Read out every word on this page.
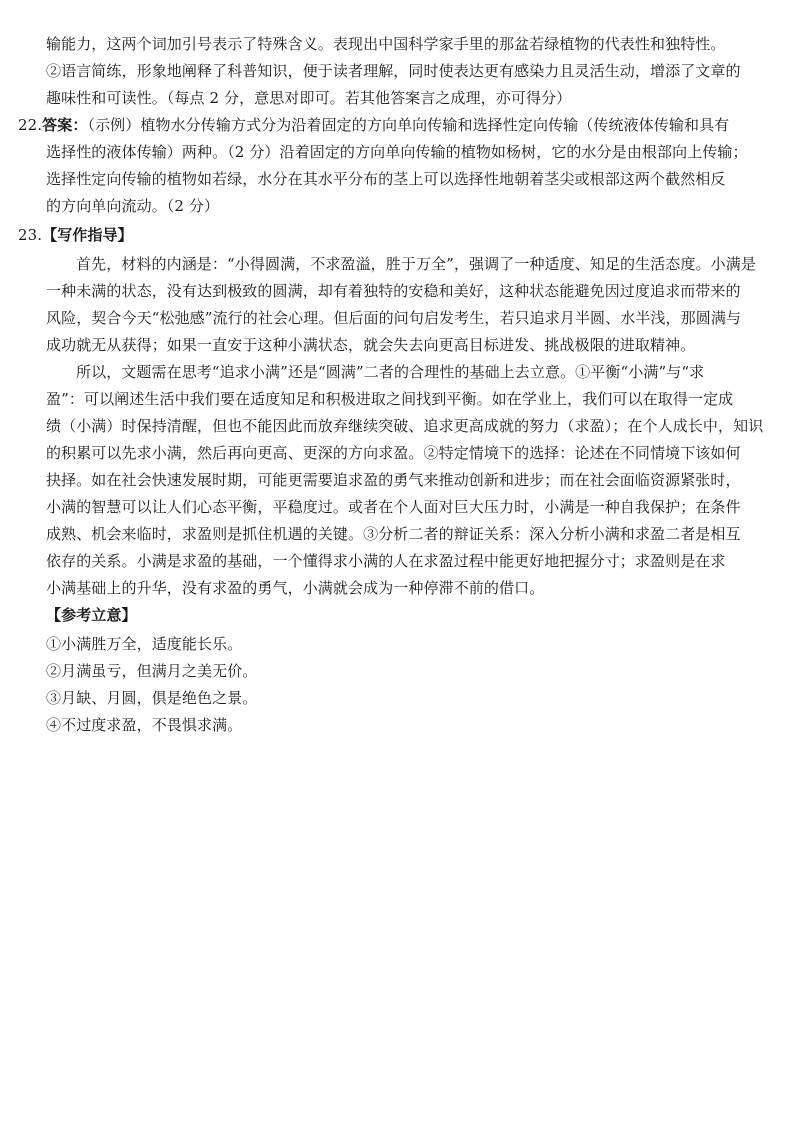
输能力，这两个词加引号表示了特殊含义。表现出中国科学家手里的那盆若绿植物的代表性和独特性。
②语言简练，形象地阐释了科普知识，便于读者理解，同时使表达更有感染力且灵活生动，增添了文章的
趣味性和可读性。（每点 2 分，意思对即可。若其他答案言之成理，亦可得分）
22.答案：（示例）植物水分传输方式分为沿着固定的方向单向传输和选择性定向传输（传统液体传输和具有
选择性的液体传输）两种。（2 分）沿着固定的方向单向传输的植物如杨树，它的水分是由根部向上传输；
选择性定向传输的植物如若绿，水分在其水平分布的茎上可以选择性地朝着茎尖或根部这两个截然相反
的方向单向流动。（2 分）
23.【写作指导】
首先，材料的内涵是：“小得圆满，不求盈溢，胜于万全”，强调了一种适度、知足的生活态度。小满是
一种未满的状态，没有达到极致的圆满，却有着独特的安稳和美好，这种状态能避免因过度追求而带来的
风险，契合今天“松弛感”流行的社会心理。但后面的问句启发考生，若只追求月半圆、水半浅，那圆满与
成功就无从获得；如果一直安于这种小满状态，就会失去向更高目标进发、挑战极限的进取精神。
所以，文题需在思考“追求小满”还是“圆满”二者的合理性的基础上去立意。①平衡“小满”与“求
盈”：可以阐述生活中我们要在适度知足和积极进取之间找到平衡。如在学业上，我们可以在取得一定成
绩（小满）时保持清醒，但也不能因此而放弃继续突破、追求更高成就的努力（求盈）；在个人成长中，知识
的积累可以先求小满，然后再向更高、更深的方向求盈。②特定情境下的选择：论述在不同情境下该如何
抉择。如在社会快速发展时期，可能更需要追求盈的勇气来推动创新和进步；而在社会面临资源紧张时，
小满的智慧可以让人们心态平衡，平稳度过。或者在个人面对巨大压力时，小满是一种自我保护；在条件
成熟、机会来临时，求盈则是抓住机遇的关键。③分析二者的辩证关系：深入分析小满和求盈二者是相互
依存的关系。小满是求盈的基础，一个懂得求小满的人在求盈过程中能更好地把握分寸；求盈则是在求
小满基础上的升华，没有求盈的勇气，小满就会成为一种停滞不前的借口。
【参考立意】
①小满胜万全，适度能长乐。
②月满虽亏，但满月之美无价。
③月缺、月圆，俱是绝色之景。
④不过度求盈，不畏惧求满。
